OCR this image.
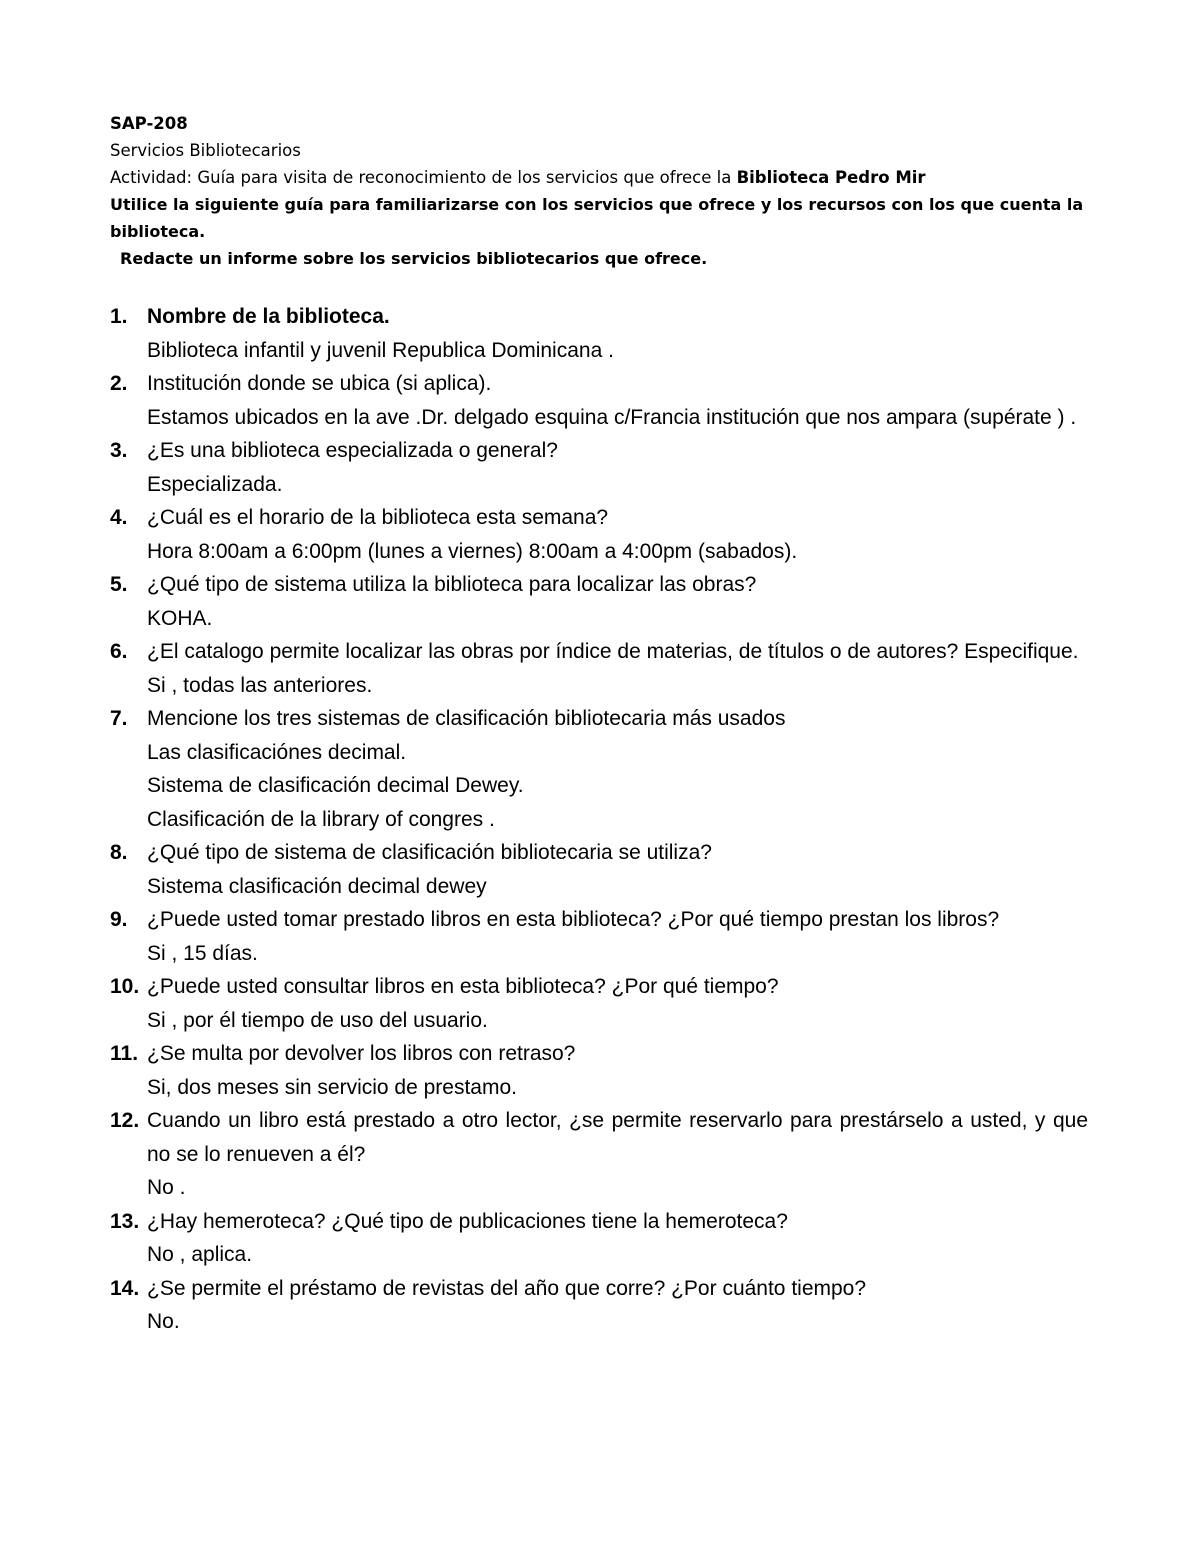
SAP-208
Servicios Bibliotecarios
Actividad: Guía para visita de reconocimiento de los servicios que ofrece la Biblioteca Pedro Mir
Utilice la siguiente guía para familiarizarse con los servicios que ofrece y los recursos con los que cuenta la biblioteca.
Redacte un informe sobre los servicios bibliotecarios que ofrece.
1. Nombre de la biblioteca.
Biblioteca infantil y juvenil Republica Dominicana .
2. Institución donde se ubica (si aplica).
Estamos ubicados en la ave .Dr. delgado esquina c/Francia institución que nos ampara (supérate ) .
3. ¿Es una biblioteca especializada o general?
Especializada.
4. ¿Cuál es el horario de la biblioteca esta semana?
Hora 8:00am a 6:00pm (lunes a viernes) 8:00am a 4:00pm (sabados).
5. ¿Qué tipo de sistema utiliza la biblioteca para localizar las obras?
KOHA.
6. ¿El catalogo permite localizar las obras por índice de materias, de títulos o de autores? Especifique.
Si , todas las anteriores.
7. Mencione los tres sistemas de clasificación bibliotecaria más usados
Las clasificaciónes decimal.
Sistema de clasificación decimal Dewey.
Clasificación de la library of congres .
8. ¿Qué tipo de sistema de clasificación bibliotecaria se utiliza?
Sistema clasificación decimal dewey
9. ¿Puede usted tomar prestado libros en esta biblioteca? ¿Por qué tiempo prestan los libros?
Si , 15 días.
10. ¿Puede usted consultar libros en esta biblioteca? ¿Por qué tiempo?
Si , por él tiempo de uso del usuario.
11. ¿Se multa por devolver los libros con retraso?
Si, dos meses sin servicio de prestamo.
12. Cuando un libro está prestado a otro lector, ¿se permite reservarlo para prestárselo a usted, y que no se lo renueven a él?
No .
13. ¿Hay hemeroteca? ¿Qué tipo de publicaciones tiene la hemeroteca?
No , aplica.
14. ¿Se permite el préstamo de revistas del año que corre? ¿Por cuánto tiempo?
No.
